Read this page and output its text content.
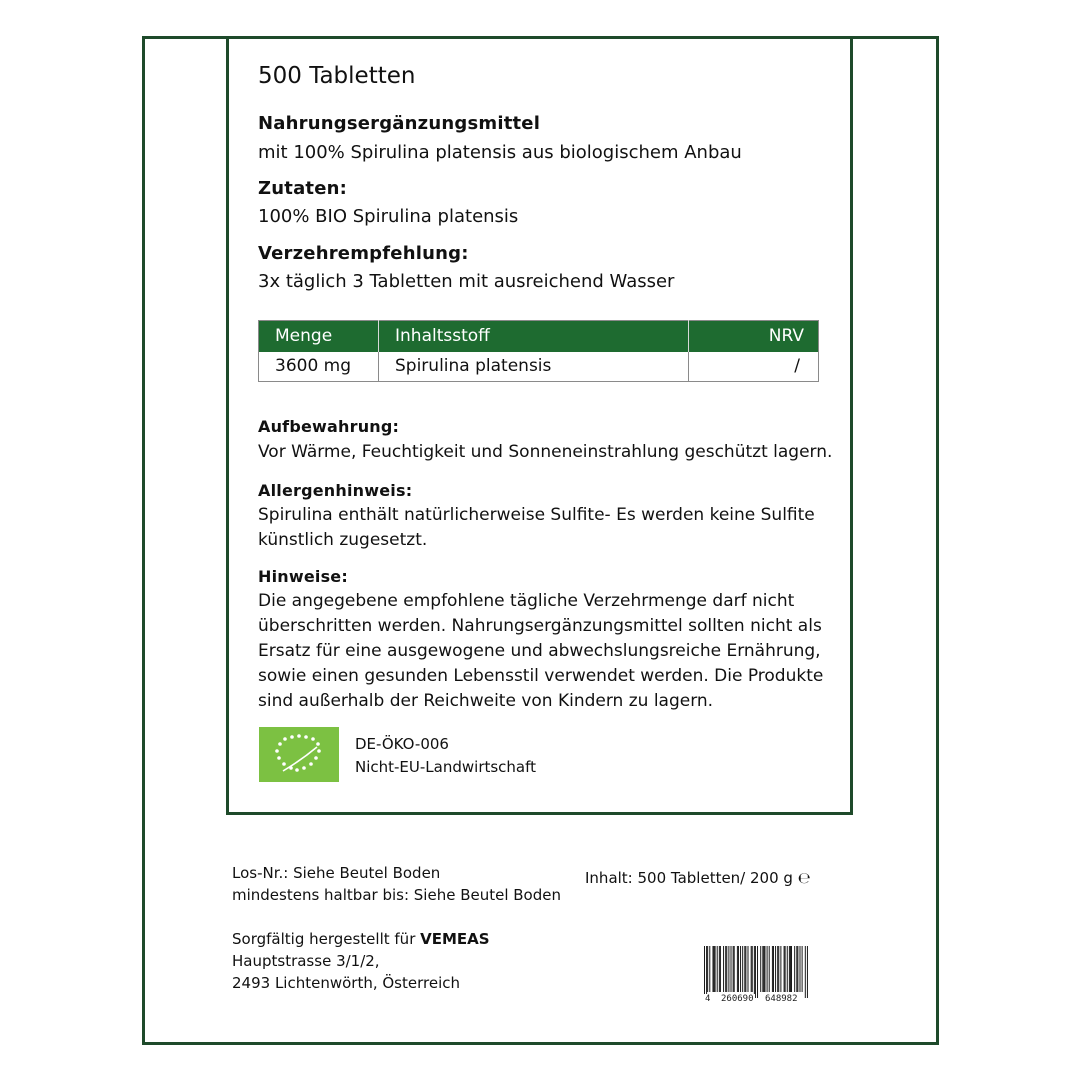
500 Tabletten
Nahrungsergänzungsmittel
mit 100% Spirulina platensis aus biologischem Anbau
Zutaten:
100% BIO Spirulina platensis
Verzehrempfehlung:
3x täglich 3 Tabletten mit ausreichend Wasser
Menge	Inhaltsstoff	NRV
3600 mg	Spirulina platensis	/
Aufbewahrung:
Vor Wärme, Feuchtigkeit und Sonneneinstrahlung geschützt lagern.
Allergenhinweis:
Spirulina enthält natürlicherweise Sulfite- Es werden keine Sulfite
künstlich zugesetzt.
Hinweise:
Die angegebene empfohlene tägliche Verzehrmenge darf nicht
überschritten werden. Nahrungsergänzungsmittel sollten nicht als
Ersatz für eine ausgewogene und abwechslungsreiche Ernährung,
sowie einen gesunden Lebensstil verwendet werden. Die Produkte
sind außerhalb der Reichweite von Kindern zu lagern.
DE-ÖKO-006
Nicht-EU-Landwirtschaft
Los-Nr.: Siehe Beutel Boden
mindestens haltbar bis: Siehe Beutel Boden
Inhalt: 500 Tabletten/ 200 g ℮
Sorgfältig hergestellt für VEMEAS
Hauptstrasse 3/1/2,
2493 Lichtenwörth, Österreich
4 260690 648982
